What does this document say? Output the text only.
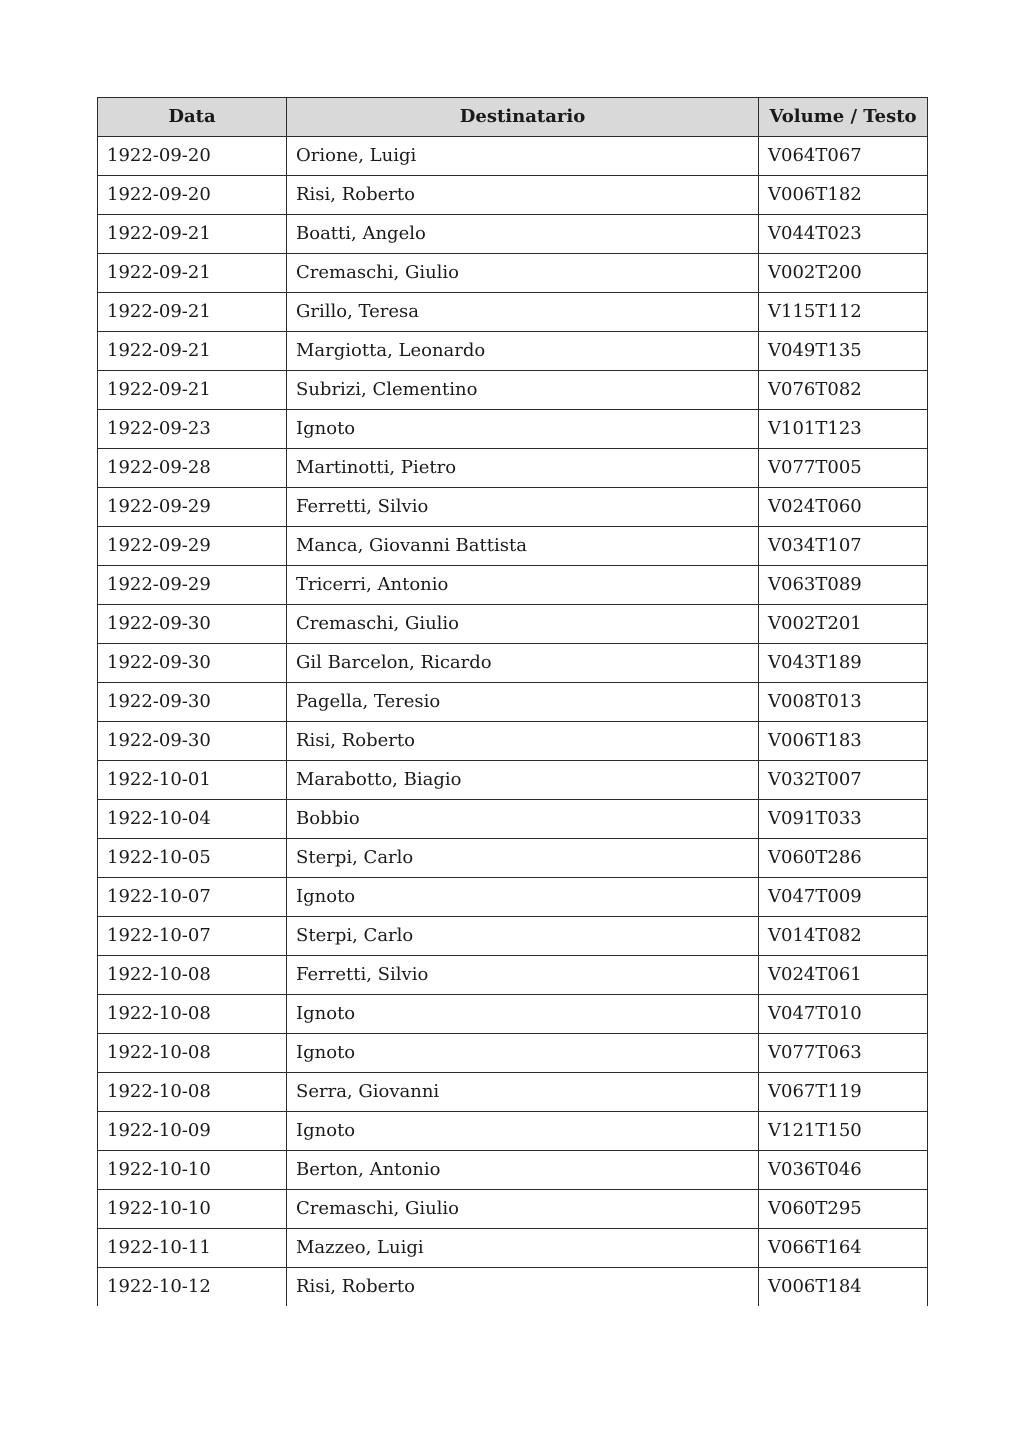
Data	Destinatario	Volume / Testo
1922-09-20	Orione, Luigi	V064T067
1922-09-20	Risi, Roberto	V006T182
1922-09-21	Boatti, Angelo	V044T023
1922-09-21	Cremaschi, Giulio	V002T200
1922-09-21	Grillo, Teresa	V115T112
1922-09-21	Margiotta, Leonardo	V049T135
1922-09-21	Subrizi, Clementino	V076T082
1922-09-23	Ignoto	V101T123
1922-09-28	Martinotti, Pietro	V077T005
1922-09-29	Ferretti, Silvio	V024T060
1922-09-29	Manca, Giovanni Battista	V034T107
1922-09-29	Tricerri, Antonio	V063T089
1922-09-30	Cremaschi, Giulio	V002T201
1922-09-30	Gil Barcelon, Ricardo	V043T189
1922-09-30	Pagella, Teresio	V008T013
1922-09-30	Risi, Roberto	V006T183
1922-10-01	Marabotto, Biagio	V032T007
1922-10-04	Bobbio	V091T033
1922-10-05	Sterpi, Carlo	V060T286
1922-10-07	Ignoto	V047T009
1922-10-07	Sterpi, Carlo	V014T082
1922-10-08	Ferretti, Silvio	V024T061
1922-10-08	Ignoto	V047T010
1922-10-08	Ignoto	V077T063
1922-10-08	Serra, Giovanni	V067T119
1922-10-09	Ignoto	V121T150
1922-10-10	Berton, Antonio	V036T046
1922-10-10	Cremaschi, Giulio	V060T295
1922-10-11	Mazzeo, Luigi	V066T164
1922-10-12	Risi, Roberto	V006T184
